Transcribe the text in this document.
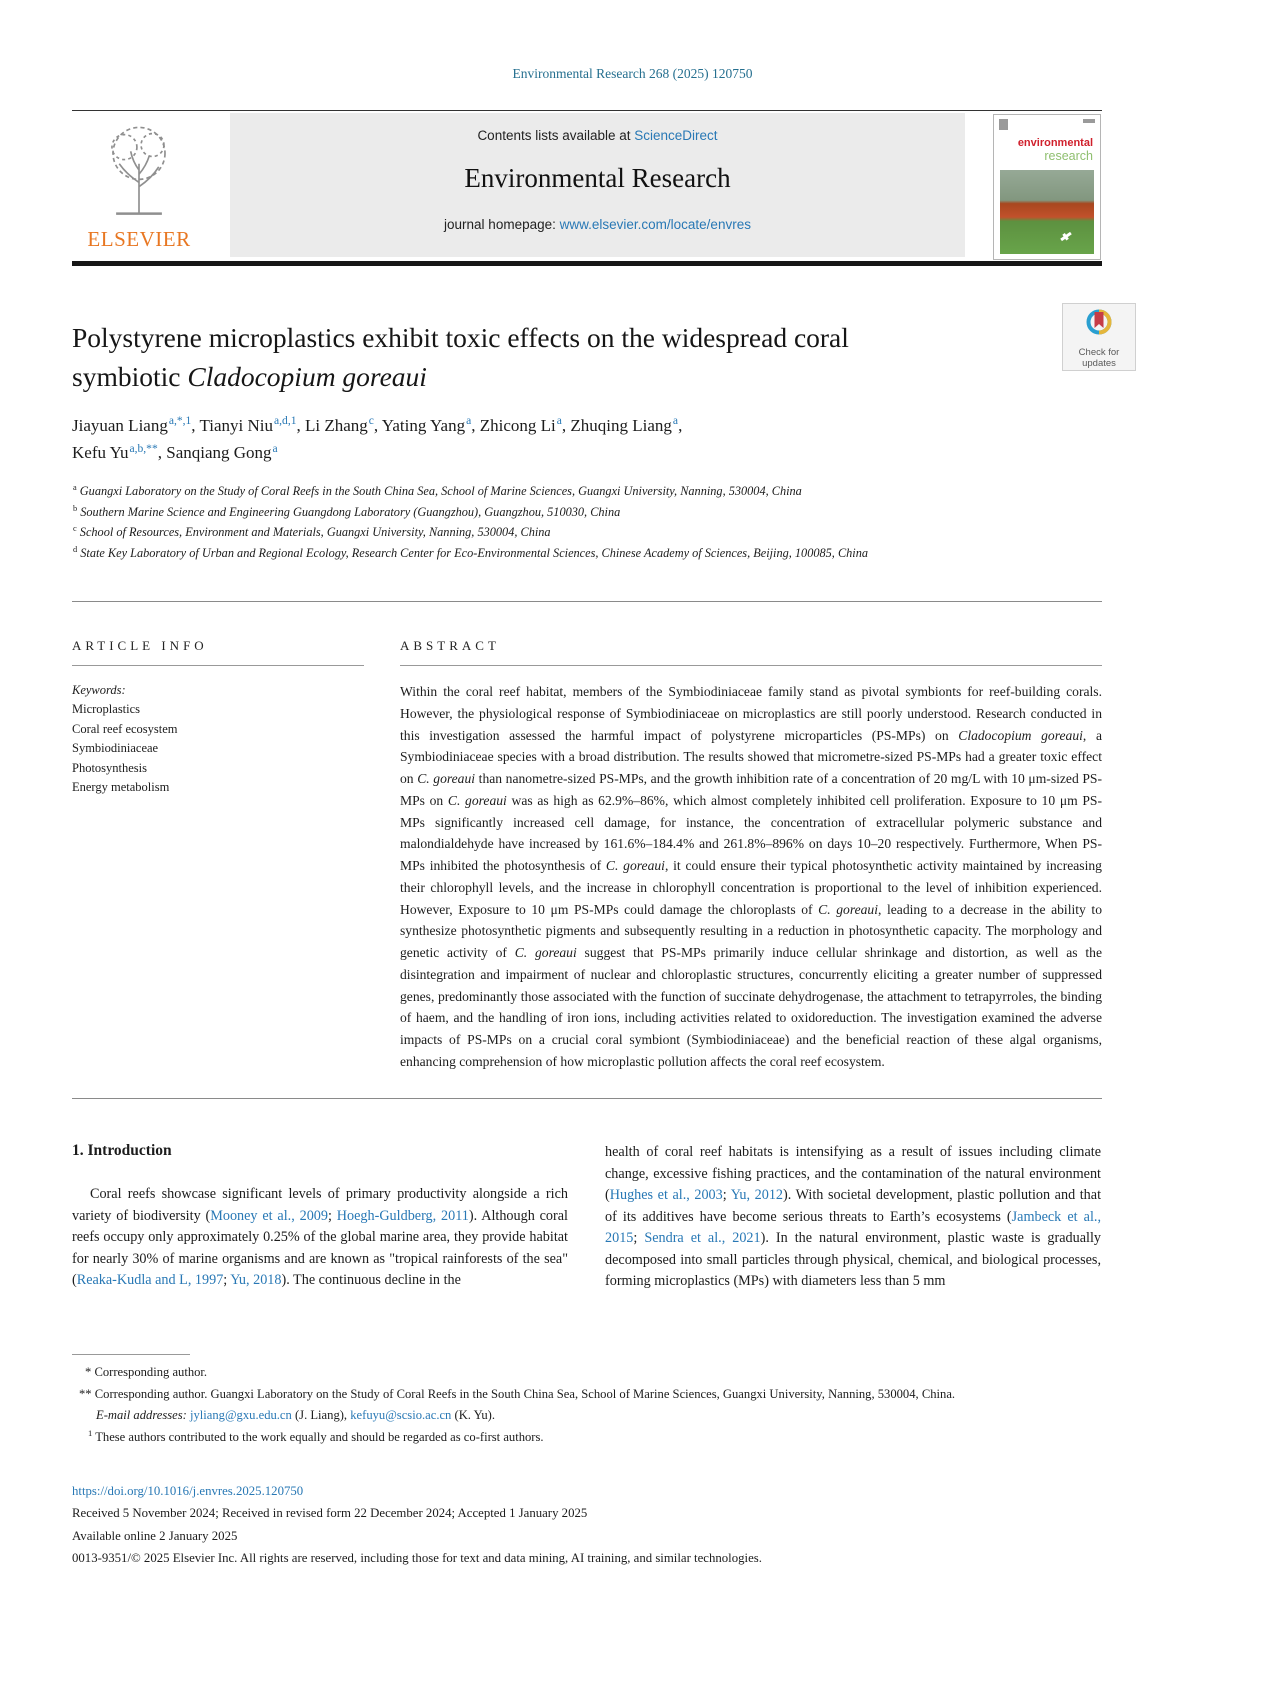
Environmental Research 268 (2025) 120750
ELSEVIER
Contents lists available at ScienceDirect
Environmental Research
journal homepage: www.elsevier.com/locate/envres
environmental
research
Check for
updates
Polystyrene microplastics exhibit toxic effects on the widespread coral
symbiotic Cladocopium goreaui
Jiayuan Liang$^{a,*,1}$, Tianyi Niu$^{a,d,1}$, Li Zhang$^c$, Yating Yang$^a$, Zhicong Li$^a$, Zhuqing Liang$^a$,
Kefu $Yu^{a,b,**}$, Sanqiang Gong$^a$
$^a$ Guangxi Laboratory on the Study of Coral Reefs in the South China Sea, School of Marine Sciences, Guangxi University, Nanning, 530004, China
$^b$ Southern Marine Science and Engineering Guangdong Laboratory (Guangzhou), Guangzhou, 510030, China
$^c$ School of Resources, Environment and Materials, Guangxi University, Nanning, 530004, China
$^d$ State Key Laboratory of Urban and Regional Ecology, Research Center for Eco-Environmental Sciences, Chinese Academy of Sciences, Beijing, 100085, China
ARTICLE INFO
Keywords:
Microplastics
Coral reef ecosystem
Symbiodiniaceae
Photosynthesis
Energy metabolism
ABSTRACT
Within the coral reef habitat, members of the Symbiodiniaceae family stand as pivotal symbionts for reef-building corals. However, the physiological response of Symbiodiniaceae on microplastics are still poorly understood. Research conducted in this investigation assessed the harmful impact of polystyrene microparticles (PS-MPs) on Cladocopium goreaui, a Symbiodiniaceae species with a broad distribution. The results showed that micrometre-sized PS-MPs had a greater toxic effect on C. goreaui than nanometre-sized PS-MPs, and the growth inhibition rate of a concentration of 20 mg/L with 10 μm-sized PS-MPs on C. goreaui was as high as 62.9%–86%, which almost completely inhibited cell proliferation. Exposure to 10 μm PS-MPs significantly increased cell damage, for instance, the concentration of extracellular polymeric substance and malondialdehyde have increased by 161.6%–184.4% and 261.8%–896% on days 10–20 respectively. Furthermore, When PS-MPs inhibited the photosynthesis of C. goreaui, it could ensure their typical photosynthetic activity maintained by increasing their chlorophyll levels, and the increase in chlorophyll concentration is proportional to the level of inhibition experienced. However, Exposure to 10 μm PS-MPs could damage the chloroplasts of C. goreaui, leading to a decrease in the ability to synthesize photosynthetic pigments and subsequently resulting in a reduction in photosynthetic capacity. The morphology and genetic activity of C. goreaui suggest that PS-MPs primarily induce cellular shrinkage and distortion, as well as the disintegration and impairment of nuclear and chloroplastic structures, concurrently eliciting a greater number of suppressed genes, predominantly those associated with the function of succinate dehydrogenase, the attachment to tetrapyrroles, the binding of haem, and the handling of iron ions, including activities related to oxidoreduction. The investigation examined the adverse impacts of PS-MPs on a crucial coral symbiont (Symbiodiniaceae) and the beneficial reaction of these algal organisms, enhancing comprehension of how microplastic pollution affects the coral reef ecosystem.
1. Introduction
Coral reefs showcase significant levels of primary productivity alongside a rich variety of biodiversity (Mooney et al., 2009; Hoegh-Guldberg, 2011). Although coral reefs occupy only approximately 0.25% of the global marine area, they provide habitat for nearly 30% of marine organisms and are known as "tropical rainforests of the sea" (Reaka-Kudla and L, 1997; Yu, 2018). The continuous decline in the
health of coral reef habitats is intensifying as a result of issues including climate change, excessive fishing practices, and the contamination of the natural environment (Hughes et al., 2003; Yu, 2012). With societal development, plastic pollution and that of its additives have become serious threats to Earth’s ecosystems (Jambeck et al., 2015; Sendra et al., 2021). In the natural environment, plastic waste is gradually decomposed into small particles through physical, chemical, and biological processes, forming microplastics (MPs) with diameters less than 5 mm
* Corresponding author.
** Corresponding author. Guangxi Laboratory on the Study of Coral Reefs in the South China Sea, School of Marine Sciences, Guangxi University, Nanning, 530004, China.
E-mail addresses: jyliang@gxu.edu.cn (J. Liang), kefuyu@scsio.ac.cn (K. Yu).
$^1$ These authors contributed to the work equally and should be regarded as co-first authors.
https://doi.org/10.1016/j.envres.2025.120750
Received 5 November 2024; Received in revised form 22 December 2024; Accepted 1 January 2025
Available online 2 January 2025
0013-9351/© 2025 Elsevier Inc. All rights are reserved, including those for text and data mining, AI training, and similar technologies.
